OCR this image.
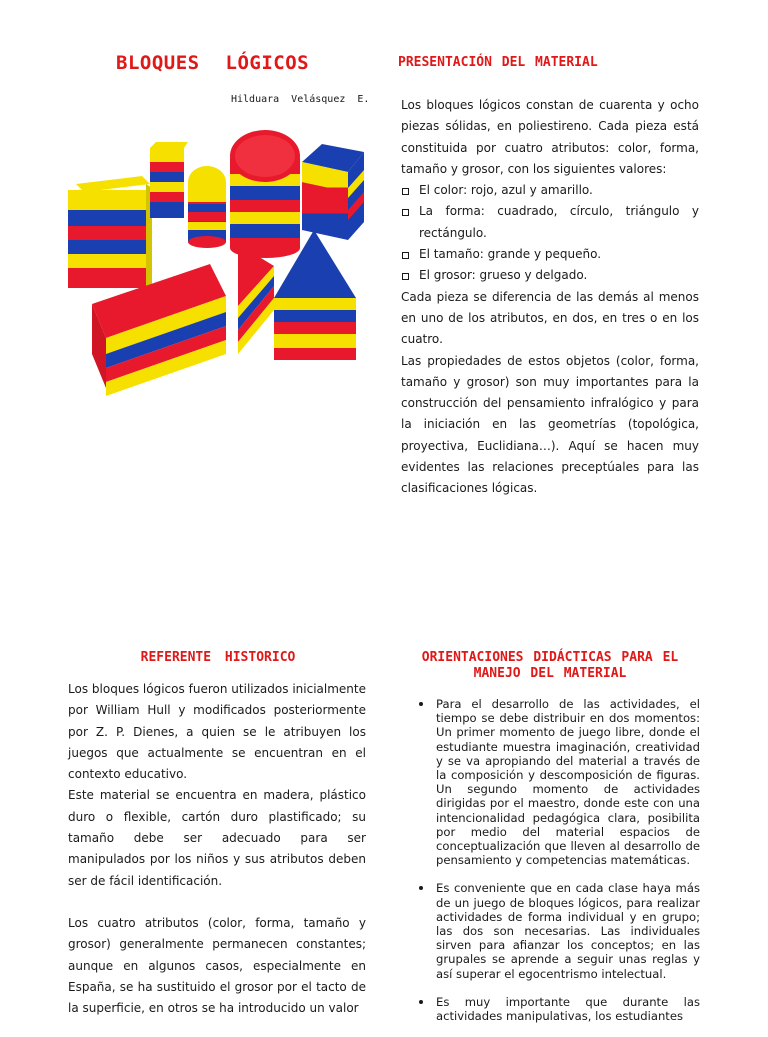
BLOQUES LÓGICOS

Hilduara Velásquez E.

PRESENTACIÓN DEL MATERIAL

Los bloques lógicos constan de cuarenta y ocho piezas sólidas, en poliestireno. Cada pieza está constituida por cuatro atributos: color, forma, tamaño y grosor, con los siguientes valores:

El color: rojo, azul y amarillo.
La forma: cuadrado, círculo, triángulo y rectángulo.
El tamaño: grande y pequeño.
El grosor: grueso y delgado.

Cada pieza se diferencia de las demás al menos en uno de los atributos, en dos, en tres o en los cuatro.

Las propiedades de estos objetos (color, forma, tamaño y grosor) son muy importantes para la construcción del pensamiento infralógico y para la iniciación en las geometrías (topológica, proyectiva, Euclidiana…). Aquí se hacen muy evidentes las relaciones preceptúales para las clasificaciones lógicas.

REFERENTE HISTORICO

Los bloques lógicos fueron utilizados inicialmente por William Hull y modificados posteriormente por Z. P. Dienes, a quien se le atribuyen los juegos que actualmente se encuentran en el contexto educativo.

Este material se encuentra en madera, plástico duro o flexible, cartón duro plastificado; su tamaño debe ser adecuado para ser manipulados por los niños y sus atributos deben ser de fácil identificación.

Los cuatro atributos (color, forma, tamaño y grosor) generalmente permanecen constantes; aunque en algunos casos, especialmente en España, se ha sustituido el grosor por el tacto de la superficie, en otros se ha introducido un valor

ORIENTACIONES DIDÁCTICAS PARA EL MANEJO DEL MATERIAL
Para el desarrollo de las actividades, el tiempo se debe distribuir en dos momentos: Un primer momento de juego libre, donde el estudiante muestra imaginación, creatividad y se va apropiando del material a través de la composición y descomposición de figuras. Un segundo momento de actividades dirigidas por el maestro, donde este con una intencionalidad pedagógica clara, posibilita por medio del material espacios de conceptualización que lleven al desarrollo de pensamiento y competencias matemáticas.
Es conveniente que en cada clase haya más de un juego de bloques lógicos, para realizar actividades de forma individual y en grupo; las dos son necesarias. Las individuales sirven para afianzar los conceptos; en las grupales se aprende a seguir unas reglas y así superar el egocentrismo intelectual.
Es muy importante que durante las actividades manipulativas, los estudiantes
